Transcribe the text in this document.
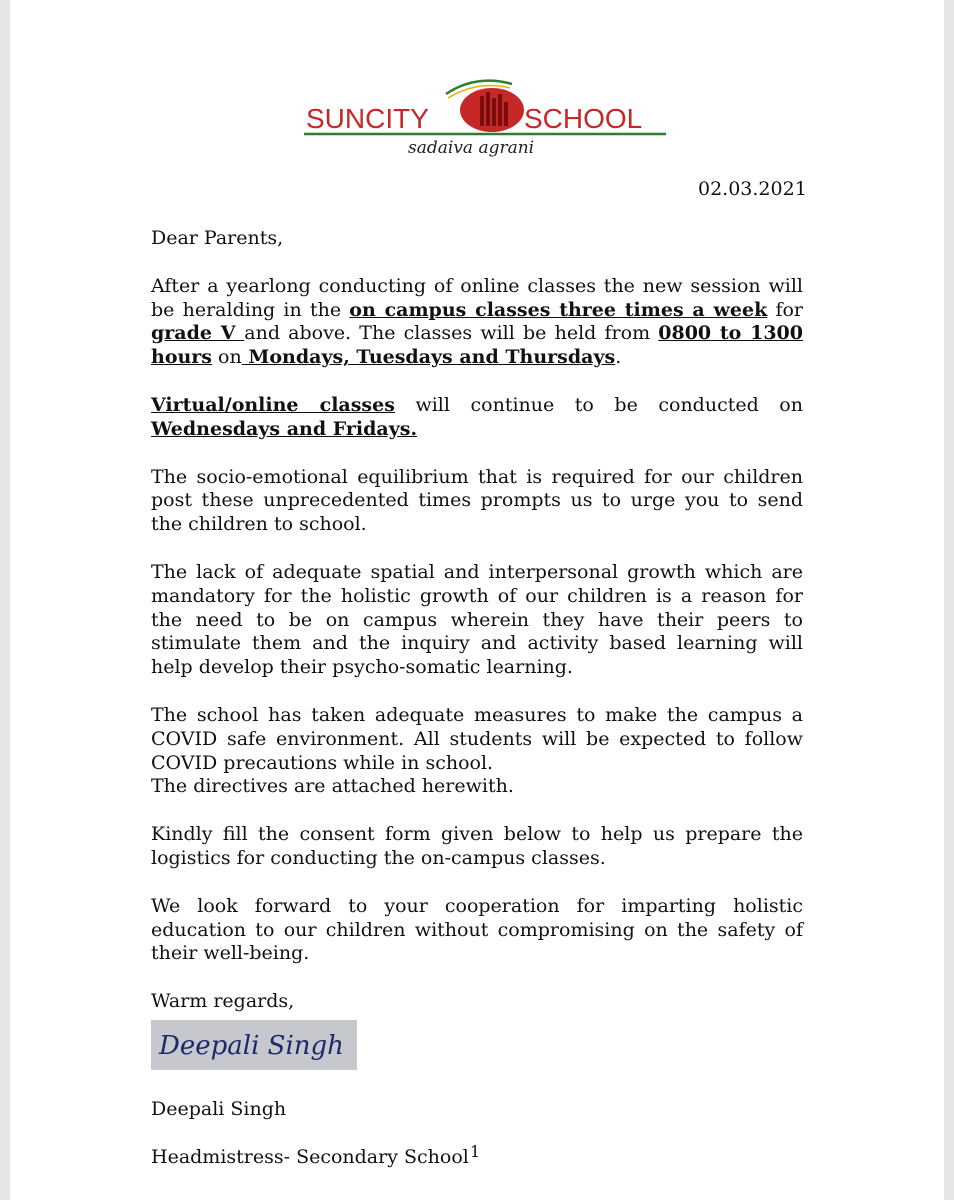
SUNCITY	SCHOOL
sadaiva agrani
02.03.2021

Dear Parents,

After a yearlong conducting of online classes the new session will be heralding in the on campus classes three times a week for grade V and above. The classes will be held from 0800 to 1300 hours on Mondays, Tuesdays and Thursdays.

Virtual/online classes will continue to be conducted on Wednesdays and Fridays.

The socio-emotional equilibrium that is required for our children post these unprecedented times prompts us to urge you to send the children to school.

The lack of adequate spatial and interpersonal growth which are mandatory for the holistic growth of our children is a reason for the need to be on campus wherein they have their peers to stimulate them and the inquiry and activity based learning will help develop their psycho-somatic learning.

The school has taken adequate measures to make the campus a COVID safe environment. All students will be expected to follow COVID precautions while in school.

The directives are attached herewith.

Kindly fill the consent form given below to help us prepare the logistics for conducting the on-campus classes.

We look forward to your cooperation for imparting holistic education to our children without compromising on the safety of their well-being.

Warm regards,

Deepali Singh

Deepali Singh

Headmistress- Secondary School 1
